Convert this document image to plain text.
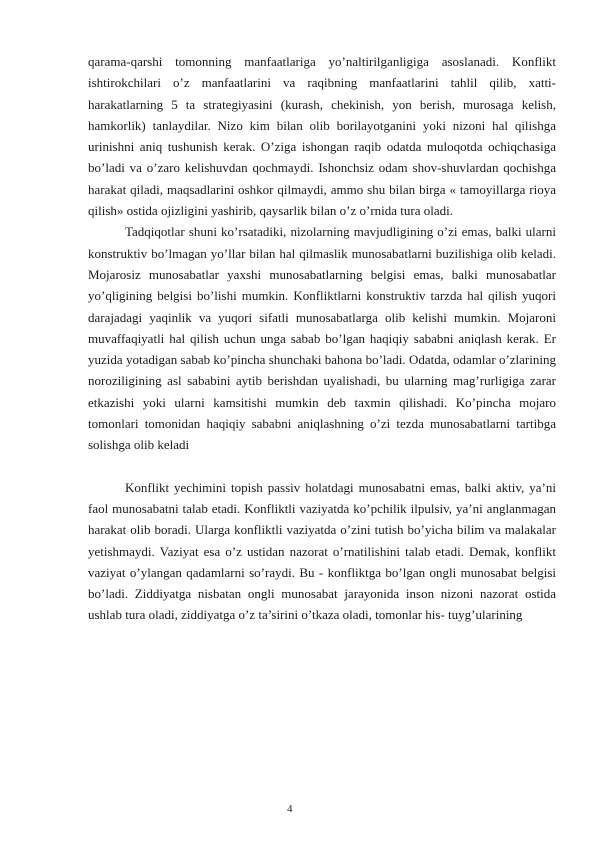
qarama-qarshi tomonning manfaatlariga yo’naltirilganligiga asoslanadi. Konflikt ishtirokchilari o’z manfaatlarini va raqibning manfaatlarini tahlil qilib, xatti-harakatlarning 5 ta strategiyasini (kurash, chekinish, yon berish, murosaga kelish, hamkorlik) tanlaydilar. Nizo kim bilan olib borilayotganini yoki nizoni hal qilishga urinishni aniq tushunish kerak. O’ziga ishongan raqib odatda muloqotda ochiqchasiga bo’ladi va o’zaro kelishuvdan qochmaydi. Ishonchsiz odam shov-shuvlardan qochishga harakat qiladi, maqsadlarini oshkor qilmaydi, ammo shu bilan birga « tamoyillarga rioya qilish» ostida ojizligini yashirib, qaysarlik bilan o’z o’rnida tura oladi.

Tadqiqotlar shuni ko’rsatadiki, nizolarning mavjudligining o’zi emas, balki ularni konstruktiv bo’lmagan yo’llar bilan hal qilmaslik munosabatlarni buzilishiga olib keladi. Mojarosiz munosabatlar yaxshi munosabatlarning belgisi emas, balki munosabatlar yo’qligining belgisi bo’lishi mumkin. Konfliktlarni konstruktiv tarzda hal qilish yuqori darajadagi yaqinlik va yuqori sifatli munosabatlarga olib kelishi mumkin. Mojaroni muvaffaqiyatli hal qilish uchun unga sabab bo’lgan haqiqiy sababni aniqlash kerak. Er yuzida yotadigan sabab ko’pincha shunchaki bahona bo’ladi. Odatda, odamlar o’zlarining noroziligining asl sababini aytib berishdan uyalishadi, bu ularning mag’rurligiga zarar etkazishi yoki ularni kamsitishi mumkin deb taxmin qilishadi. Ko’pincha mojaro tomonlari tomonidan haqiqiy sababni aniqlashning o’zi tezda munosabatlarni tartibga solishga olib keladi

Konflikt yechimini topish passiv holatdagi munosabatni emas, balki aktiv, ya’ni faol munosabatni talab etadi. Konfliktli vaziyatda ko’pchilik ilpulsiv, ya’ni anglanmagan harakat olib boradi. Ularga konfliktli vaziyatda o’zini tutish bo’yicha bilim va malakalar yetishmaydi. Vaziyat esa o’z ustidan nazorat o’rnatilishini talab etadi. Demak, konflikt vaziyat o’ylangan qadamlarni so’raydi. Bu - konfliktga bo’lgan ongli munosabat belgisi bo’ladi. Ziddiyatga nisbatan ongli munosabat jarayonida inson nizoni nazorat ostida ushlab tura oladi, ziddiyatga o’z ta’sirini o’tkaza oladi, tomonlar his- tuyg’ularining

4
